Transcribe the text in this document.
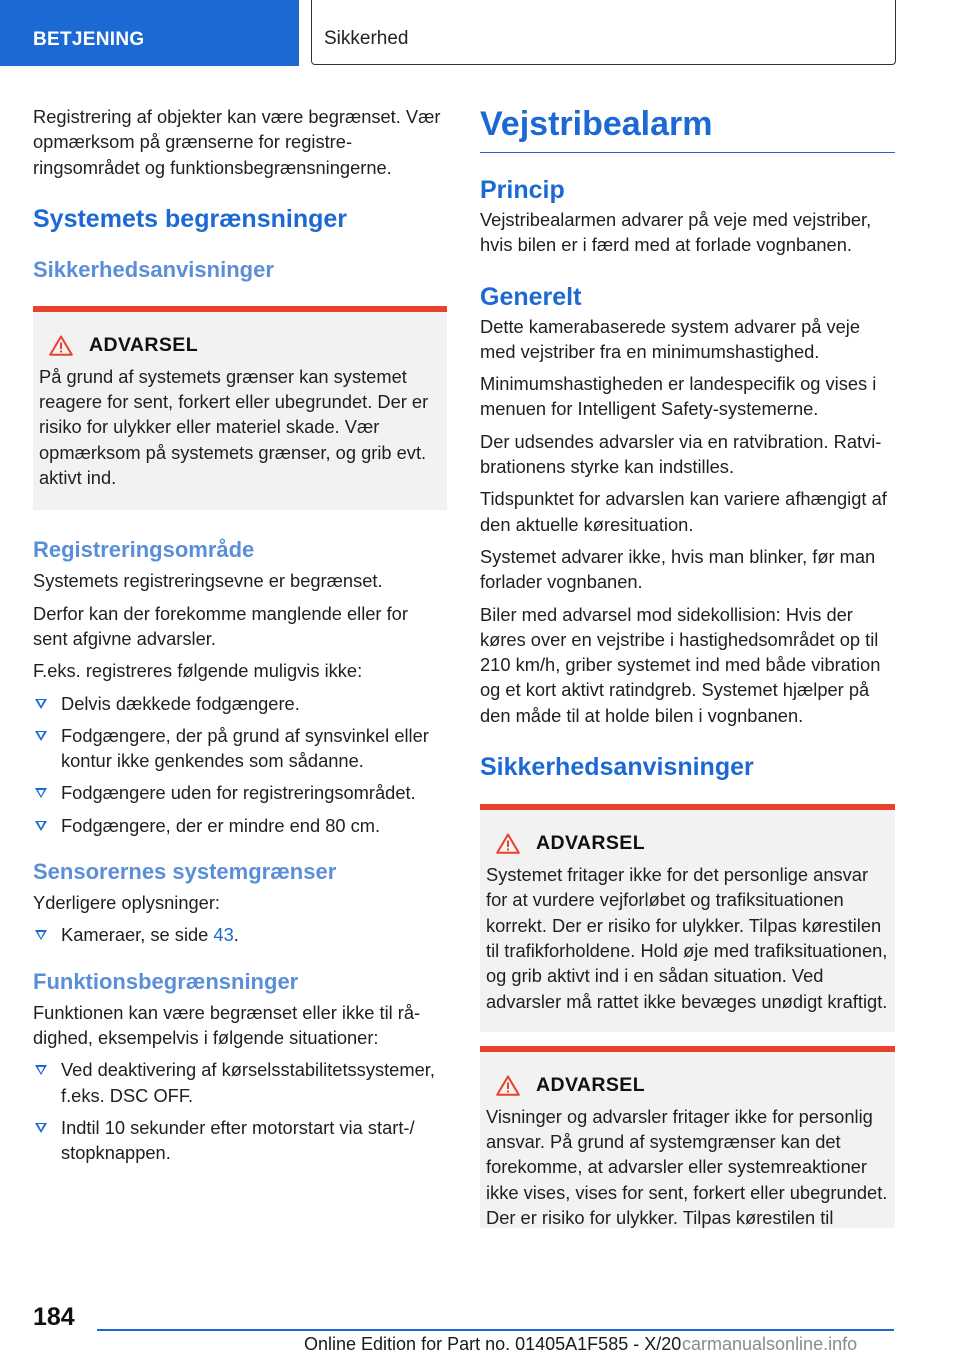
BETJENING	Sikkerhed

Registrering af objekter kan være begrænset. Vær opmærksom på grænserne for registreringsområdet og funktionsbegrænsningerne.

Systemets begrænsninger
Sikkerhedsanvisninger
ADVARSEL

På grund af systemets grænser kan systemet reagere for sent, forkert eller ubegrundet. Der er risiko for ulykker eller materiel skade. Vær opmærksom på systemets grænser, og grib evt. aktivt ind.

Registreringsområde

Systemets registreringsevne er begrænset.

Derfor kan der forekomme manglende eller for sent afgivne advarsler.

F.eks. registreres følgende muligvis ikke:

Delvis dækkede fodgængere.
Fodgængere, der på grund af synsvinkel eller kontur ikke genkendes som sådanne.
Fodgængere uden for registreringsområdet.
Fodgængere, der er mindre end 80 cm.
Sensorernes systemgrænser

Yderligere oplysninger:

Kameraer, se side 43.
Funktionsbegrænsninger

Funktionen kan være begrænset eller ikke til rådighed, eksempelvis i følgende situationer:

Ved deaktivering af kørselsstabilitetssystemer, f.eks. DSC OFF.
Indtil 10 sekunder efter motorstart via start-/ stopknappen.
Vejstribealarm
Princip

Vejstribealarmen advarer på veje med vejstriber, hvis bilen er i færd med at forlade vognbanen.

Generelt

Dette kamerabaserede system advarer på veje med vejstriber fra en minimumshastighed.

Minimumshastigheden er landespecifik og vises i menuen for Intelligent Safety-systemerne.

Der udsendes advarsler via en ratvibration. Ratvibrationens styrke kan indstilles.

Tidspunktet for advarslen kan variere afhængigt af den aktuelle køresituation.

Systemet advarer ikke, hvis man blinker, før man forlader vognbanen.

Biler med advarsel mod sidekollision: Hvis der køres over en vejstribe i hastighedsområdet op til 210 km/h, griber systemet ind med både vibration og et kort aktivt ratindgreb. Systemet hjælper på den måde til at holde bilen i vognbanen.

Sikkerhedsanvisninger
ADVARSEL

Systemet fritager ikke for det personlige ansvar for at vurdere vejforløbet og trafiksituationen korrekt. Der er risiko for ulykker. Tilpas kørestilen til trafikforholdene. Hold øje med trafiksituationen, og grib aktivt ind i en sådan situation. Ved advarsler må rattet ikke bevæges unødigt kraftigt.

ADVARSEL

Visninger og advarsler fritager ikke for personlig ansvar. På grund af systemgrænser kan det forekomme, at advarsler eller systemreaktioner ikke vises, vises for sent, forkert eller ubegrundet. Der er risiko for ulykker. Tilpas kørestilen til

184
Online Edition for Part no. 01405A1F585 - X/20 carmanualsonline.info
